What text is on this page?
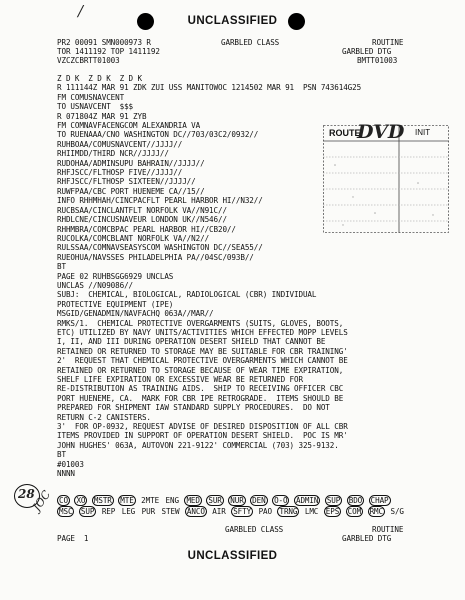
/
UNCLASSIFIED
PR2 00091 SMN000973 R
TOR 1411192 TOP 1411192
VZCZCBRTT01003
GARBLED CLASS	ROUTINE
GARBLED DTG
BMTT01003
Z D K  Z D K  Z D K
R 111144Z MAR 91 ZDK ZUI USS MANITOWOC 1214502 MAR 91  PSN 743614G25
FM COMUSNAVCENT
TO USNAVCENT  $$$
R 071804Z MAR 91 ZYB
FM COMNAVFACENGCOM ALEXANDRIA VA
TO RUENAAA/CNO WASHINGTON DC//703/03C2/0932//
RUHBOAA/COMUSNAVCENT//JJJJ//
RHIIMDD/THIRD NCR//JJJJ//
RUDOHAA/ADMINSUPU BAHRAIN//JJJJ//
RHFJSCC/FLTHOSP FIVE//JJJJ//
RHFJSCC/FLTHOSP SIXTEEN//JJJJ//
RUWFPAA/CBC PORT HUENEME CA//15//
INFO RHHMHAH/CINCPACFLT PEARL HARBOR HI//N32//
RUCBSAA/CINCLANTFLT NORFOLK VA//N91C//
RHDLCNE/CINCUSNAVEUR LONDON UK//N546//
RHHMBRA/COMCBPAC PEARL HARBOR HI//CB20//
RUCOLKA/COMCBLANT NORFOLK VA//N2//
RULSSAA/COMNAVSEASYSCOM WASHINGTON DC//SEA55//
RUEOHUA/NAVSSES PHILADELPHIA PA//04SC/093B//
BT
PAGE 02 RUHBSGG6929 UNCLAS
UNCLAS //N09086//
SUBJ:  CHEMICAL, BIOLOGICAL, RADIOLOGICAL (CBR) INDIVIDUAL
PROTECTIVE EQUIPMENT (IPE)
MSGID/GENADMIN/NAVFACHQ 063A//MAR//
RMKS/1.  CHEMICAL PROTECTIVE OVERGARMENTS (SUITS, GLOVES, BOOTS,
ETC) UTILIZED BY NAVY UNITS/ACTIVITIES WHICH EFFECTED MOPP LEVELS
I, II, AND III DURING OPERATION DESERT SHIELD THAT CANNOT BE
RETAINED OR RETURNED TO STORAGE MAY BE SUITABLE FOR CBR TRAINING'
2'  REQUEST THAT CHEMICAL PROTECTIVE OVERGARMENTS WHICH CANNOT BE
RETAINED OR RETURNED TO STORAGE BECAUSE OF WEAR TIME EXPIRATION,
SHELF LIFE EXPIRATION OR EXCESSIVE WEAR BE RETURNED FOR
RE-DISTRIBUTION AS TRAINING AIDS.  SHIP TO RECEIVING OFFICER CBC
PORT HUENEME, CA.  MARK FOR CBR IPE RETROGRADE.  ITEMS SHOULD BE
PREPARED FOR SHIPMENT IAW STANDARD SUPPLY PROCEDURES.  DO NOT
RETURN C-2 CANISTERS.
3'  FOR OP-0932, REQUEST ADVISE OF DESIRED DISPOSITION OF ALL CBR
ITEMS PROVIDED IN SUPPORT OF OPERATION DESERT SHIELD.  POC IS MR'
JOHN HUGHES' 063A, AUTOVON 221-9122' COMMERCIAL (703) 325-9132.
BT
#01003
NNNN
ROUTE	INIT
DVD
28
JOC CO XO MSTR MTE 2MTE ENG MED SUR NUR DEN O-O ADMIN SUP BDO CHAP
MSC SUP REP LEG PUR STEW ANCO AIR SFTY PAO TRNG LMC EPS COM RMC S/G
GARBLED CLASS	ROUTINE
GARBLED DTG
PAGE  1
UNCLASSIFIED
